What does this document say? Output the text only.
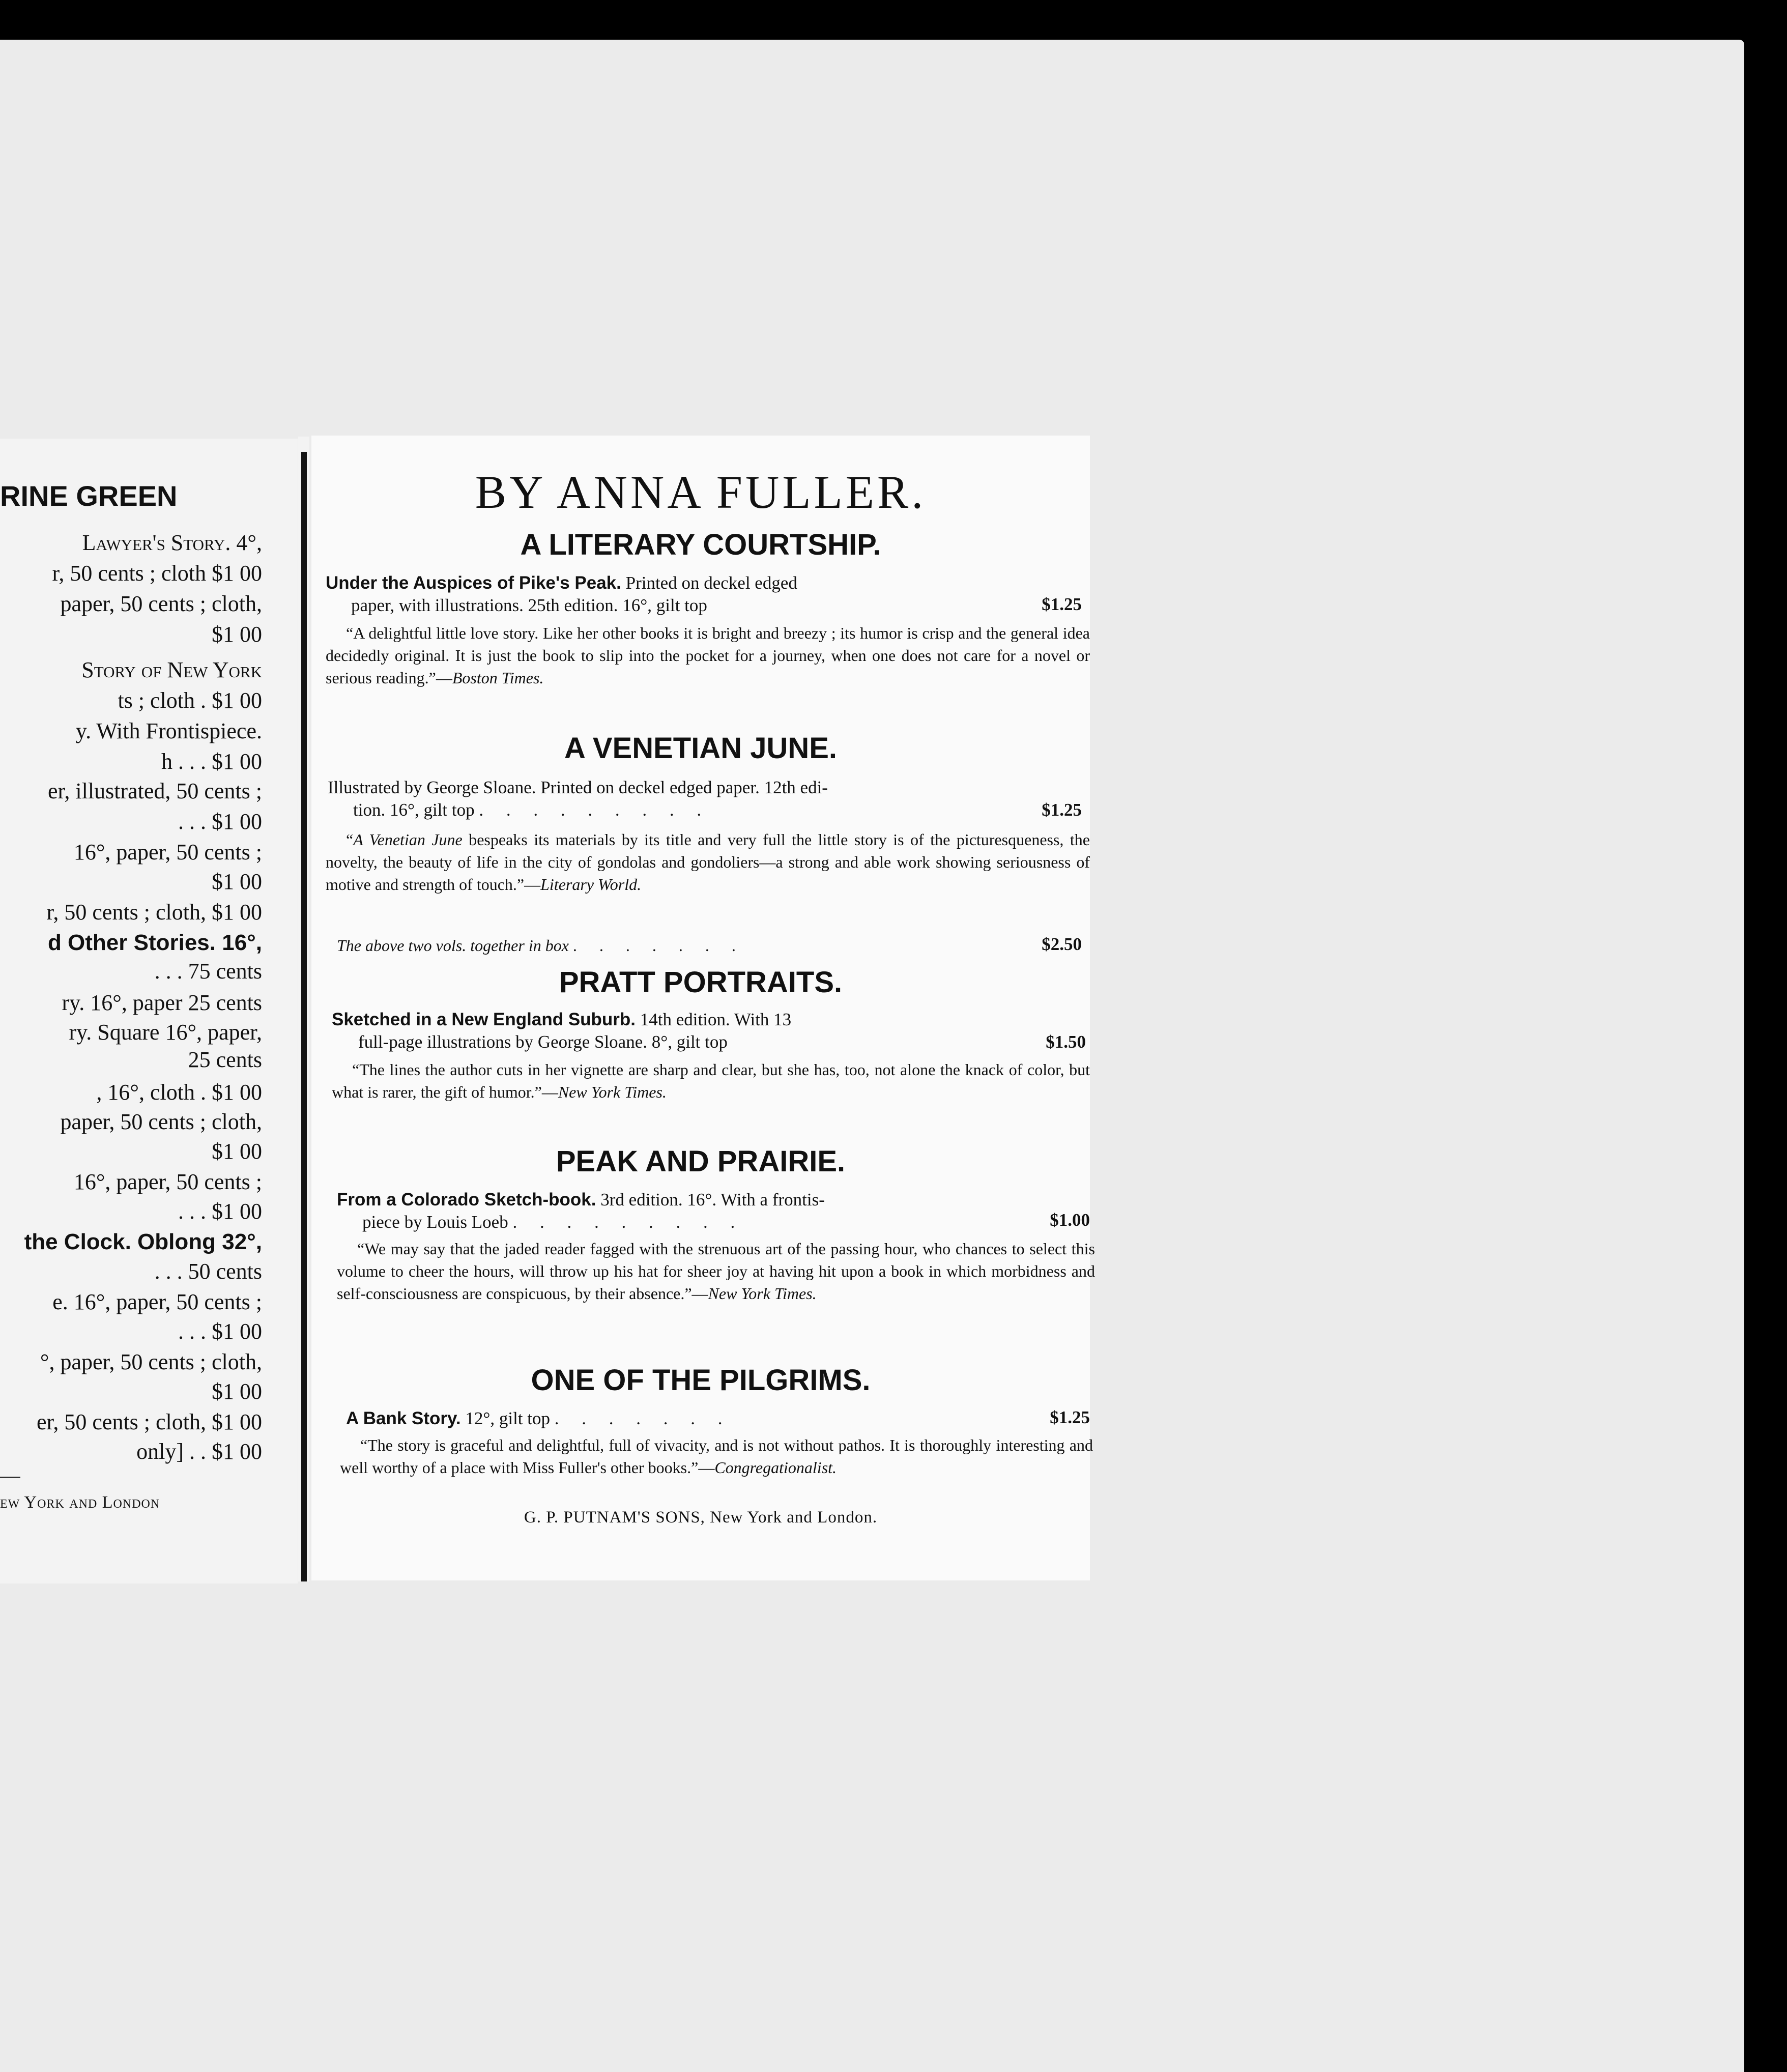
RINE GREEN
Lawyer's Story. 4°,
r, 50 cents ; cloth $1 00
paper, 50 cents ; cloth,
$1 00
Story of New York
ts ; cloth . $1 00
y. With Frontispiece.
h . . . $1 00
er, illustrated, 50 cents ;
. . . $1 00
16°, paper, 50 cents ;
$1 00
r, 50 cents ; cloth, $1 00
d Other Stories. 16°,
. . . 75 cents
ry. 16°, paper 25 cents
ry. Square 16°, paper,
25 cents
, 16°, cloth . $1 00
paper, 50 cents ; cloth,
$1 00
16°, paper, 50 cents ;
. . . $1 00
the Clock. Oblong 32°,
. . . 50 cents
e. 16°, paper, 50 cents ;
. . . $1 00
°, paper, 50 cents ; cloth,
$1 00
er, 50 cents ; cloth, $1 00
only] . . $1 00
ew York and London
BY ANNA FULLER.
A LITERARY COURTSHIP.
Under the Auspices of Pike's Peak. Printed on deckel edged
paper, with illustrations. 25th edition. 16°, gilt top	$1.25
“A delightful little love story. Like her other books it is bright and breezy ; its humor is crisp and the general idea decidedly original. It is just the book to slip into the pocket for a journey, when one does not care for a novel or serious reading.”—Boston Times.
A VENETIAN JUNE.
Illustrated by George Sloane. Printed on deckel edged paper. 12th edi-
tion. 16°, gilt top . . . . . . . . .	$1.25
“A Venetian June bespeaks its materials by its title and very full the little story is of the picturesqueness, the novelty, the beauty of life in the city of gondolas and gondoliers—a strong and able work showing seriousness of motive and strength of touch.”—Literary World.
The above two vols. together in box . . . . . . .	$2.50
PRATT PORTRAITS.
Sketched in a New England Suburb. 14th edition. With 13
full-page illustrations by George Sloane. 8°, gilt top	$1.50
“The lines the author cuts in her vignette are sharp and clear, but she has, too, not alone the knack of color, but what is rarer, the gift of humor.”—New York Times.
PEAK AND PRAIRIE.
From a Colorado Sketch-book. 3rd edition. 16°. With a frontis-
piece by Louis Loeb . . . . . . . . .	$1.00
“We may say that the jaded reader fagged with the strenuous art of the passing hour, who chances to select this volume to cheer the hours, will throw up his hat for sheer joy at having hit upon a book in which morbidness and self-consciousness are conspicuous, by their absence.”—New York Times.
ONE OF THE PILGRIMS.
A Bank Story. 12°, gilt top . . . . . . .	$1.25
“The story is graceful and delightful, full of vivacity, and is not without pathos. It is thoroughly interesting and well worthy of a place with Miss Fuller's other books.”—Congregationalist.
G. P. PUTNAM'S SONS, New York and London.
